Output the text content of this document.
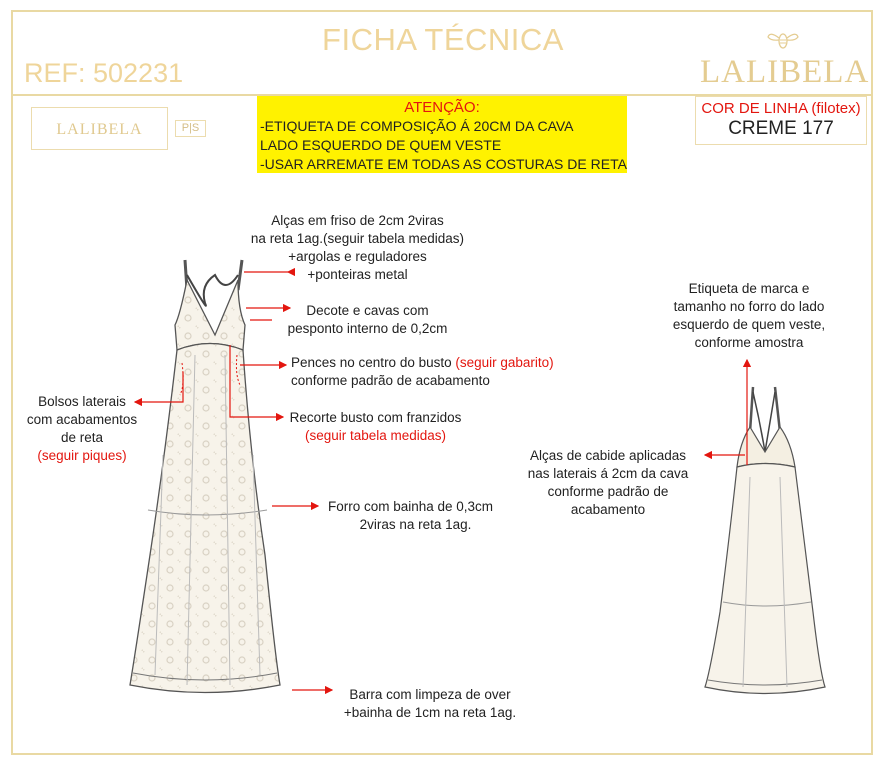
FICHA TÉCNICA
REF: 502231	LALIBELA
LALIBELA	P|S
ATENÇÃO:
-ETIQUETA DE COMPOSIÇÃO Á 20CM DA CAVA
LADO ESQUERDO DE QUEM VESTE
-USAR ARREMATE EM TODAS AS COSTURAS DE RETA
COR DE LINHA (filotex)
CREME 177
Alças em friso de 2cm 2viras
na reta 1ag.(seguir tabela medidas)
+argolas e reguladores
+ponteiras metal
Decote e cavas com
pesponto interno de 0,2cm
Pences no centro do busto (seguir gabarito)
conforme padrão de acabamento
Bolsos laterais
com acabamentos
de reta
(seguir piques)
Recorte busto com franzidos
(seguir tabela medidas)
Forro com bainha de 0,3cm
2viras na reta 1ag.
Barra com limpeza de over
+bainha de 1cm na reta 1ag.
Etiqueta de marca e
tamanho no forro do lado
esquerdo de quem veste,
conforme amostra
Alças de cabide aplicadas
nas laterais á 2cm da cava
conforme padrão de
acabamento
